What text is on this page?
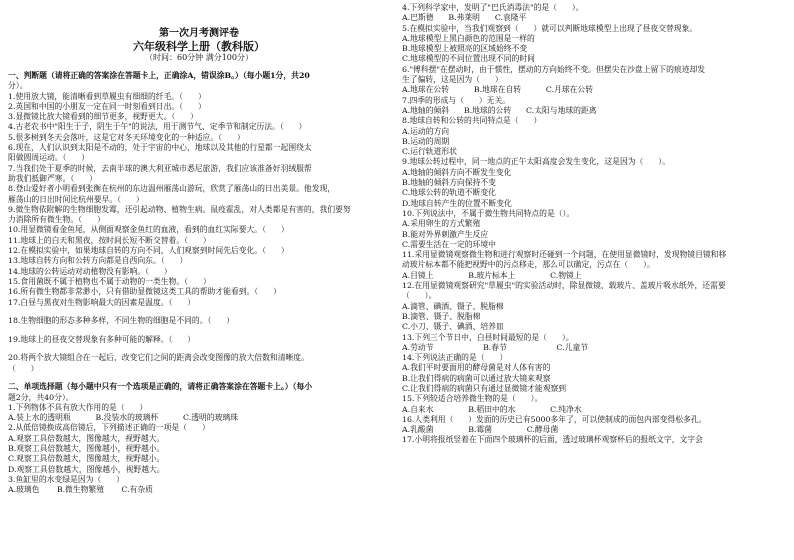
第一次月考测评卷
六年级科学上册（教科版）
（时间：60分钟 满分100分）
一、判断题（请将正确的答案涂在答题卡上，正确涂A，错误涂B。）（每小题1分，共20
分）。
1.使用放大镜，能清晰看到草履虫有细细的纤毛。（      ）
2.英国和中国的小朋友一定在同一时刻看到日出。（      ）
3.显微镜比放大镜看到的细节更多，视野更大。（      ）
4.古老农书中"阳生于子，阴生于午"的说法，用于测节气、定季节和制定历法。（      ）
5.很多树到冬天会落叶，这是它对冬天环境变化的一种适应。（      ）
6.现在，人们认识到太阳是不动的，处于宇宙的中心，地球以及其他的行星都一起围绕太
阳做圆周运动。（      ）
7.当我们处于夏季的时候，去南半球的澳大利亚城市悉尼旅游，我们应该准备好羽绒服帮
助我们抵御严寒。（      ）
8.登山爱好者小明看到张衡在杭州的东边温州雁荡山游玩，欣赏了雁荡山的日出美景。他发现，
雁荡山的日出时间比杭州要早。（      ）
9.微生物依附解的生物细胞发霉，还引起动物、植物生病。鼠疫霍乱，对人类都是有害的，我们要努
力消除所有微生物。（      ）
10.用显微镜看金鱼尾，从侧面观察金鱼红的血液，看到的血红实际要大。（      ）
11.地球上的白天和黑夜，按时间长短不断交替着。（      ）
12.在模拟实验中，如果地球自转的方向不同，人们观察到时间先后变化。（      ）
13.地球自转方向和公转方向都是自西向东。（      ）
14.地球的公转运动对动植物没有影响。（      ）
15.食用菌既不属于植物也不属于动物的一类生物。（      ）
16.所有微生物都非常渺小，只有借助显微镜这类工具的帮助才能看到。（      ）
17.白昼与黑夜对生物影响最大的因素是温度。（      ）
18.生物细胞的形态多种多样，不同生物的细胞是不同的。（      ）
19.地球上的昼夜交替现象有多种可能的解释。（      ）
20.将两个放大镜组合在一起后，改变它们之间的距离会改变图像的放大倍数和清晰度。
（      ）
二、单项选择题（每小题中只有一个选项是正确的，请将正确答案涂在答题卡上。）（每小
题2分，共40分）。
1.下列物体不具有放大作用的是（      ）
A.装上水的透明瓶          B.没装水的玻璃杯          C.透明的玻璃珠
2.从低倍镜换成高倍镜后，下列描述正确的一项是（      ）
A.观察工具倍数越大，图像越大，视野越大。
B.观察工具倍数越大，图像越小，视野越小。
C.观察工具倍数越大，图像越大，视野越小。
D.观察工具倍数越大，图像越小，视野越大。
3.鱼缸里的水变绿是因为（      ）
A.玻璃色       B.微生物繁殖       C.有杂质
4.下列科学家中，发明了"巴氏消毒法"的是（      ）。
A.巴斯德      B.弗莱明      C.袁隆平
5.在模拟实验中，当我们观察到（      ）就可以判断地球模型上出现了昼夜交替现象。
A.地球模型上黑白颜色的范围是一样的
B.地球模型上被照亮的区域始终不变
C.地球模型的不同位置出现不同的时间
6."傅科摆"在摆动时，由于惯性，摆动的方向始终不变。但摆尖在沙盘上留下的痕迹却发
生了偏转，这是因为（      ）
A.地球在公转          B.地球在自转          C.月球在公转
7.四季的形成与（      ）无关。
A.地轴的倾斜      B.地球的公转      C.太阳与地球的距离
8.地球自转和公转的共同特点是（      ）
A.运动的方向
B.运动的周期
C.运行轨道形状
9.地球公转过程中，同一地点的正午太阳高度会发生变化，这是因为（      ）。
A.地轴的倾斜方向不断发生变化
B.地轴的倾斜方向保持不变
C.地球公转的轨道不断变化
D.地球自转产生的位置不断变化
10.下列说法中，不属于微生物共同特点的是（）。
A.采用卵生的方式繁殖
B.能对外界刺激产生反应
C.需要生活在一定的环境中
11.采用显微镜观察微生物和进行观察时还碰到一个问题，在使用显微镜时，发现物镜目镜和移
动玻片标本都不能把视野中的污点移走，那么可以确定，污点在（      ）。
A.目镜上              B.玻片标本上              C.物镜上
12.在用显微镜观察研究"草履虫"的实验活动时，除显微镜、载玻片、盖玻片吸水纸外，还需要
（      ）。
A.滴管、碘酒、镊子、脱脂棉
B.滴管、镊子、脱脂棉
C.小刀、镊子、碘酒、培养皿
13.下列三个节日中，白昼时间最短的是（      ）。
A.劳动节                    B.春节                    C.儿童节
14.下列说法正确的是（      ）
A.我们平时要面用的酵母菌是对人体有害的
B.让我们得病的病菌可以通过放大镜来观察
C.让我们得病的病菌只有通过显微镜才能观察到
15.下列较适合培养微生物的是（      ）。
A.自来水              B.稻田中的水              C.纯净水
16.人类利用（      ）发面的历史已有5000多年了，可以使制成的面包内部变得松多孔。
A.乳酸菌              B.霉菌              C.酵母菌
17.小明将报纸竖着在下面四个玻璃杯的后面，透过玻璃杯观察杯后的报纸文字，文字会
